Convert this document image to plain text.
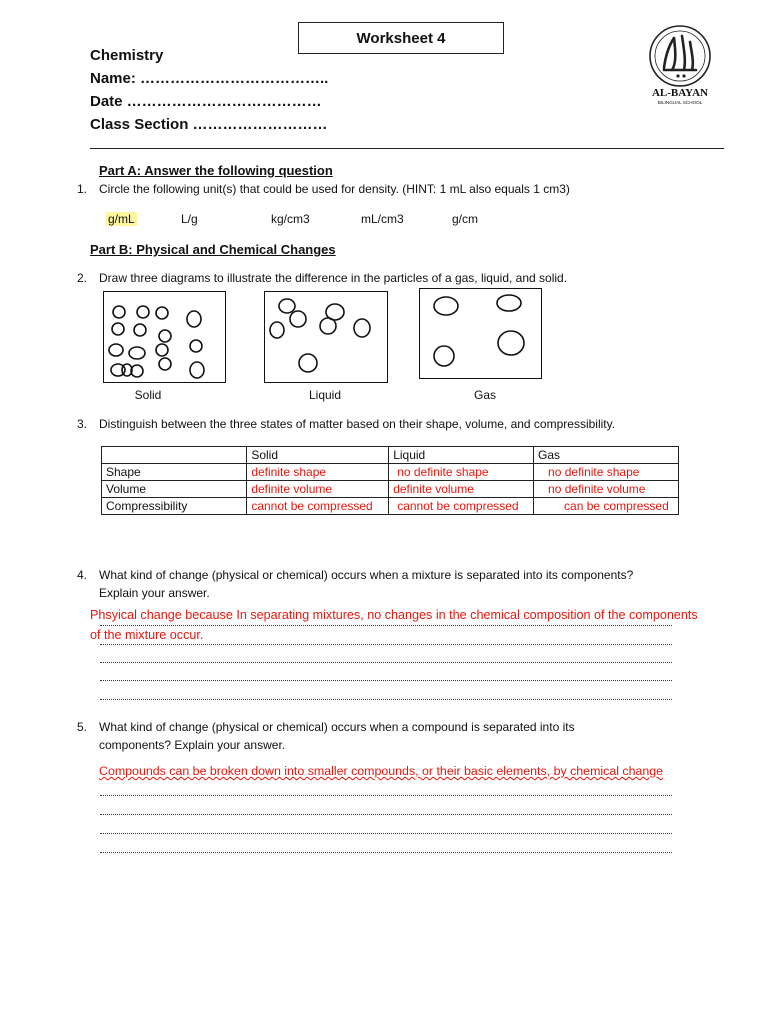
Worksheet 4
Chemistry
Name: ………………………………..
Date …………………………………
Class Section ………………………
AL-BAYAN
BILINGUAL SCHOOL
Part A: Answer the following question
1. Circle the following unit(s) that could be used for density. (HINT: 1 mL also equals 1 cm3)
g/mL	L/g	kg/cm3	mL/cm3	g/cm
Part B: Physical and Chemical Changes
2. Draw three diagrams to illustrate the difference in the particles of a gas, liquid, and solid.
Solid	Liquid	Gas
3. Distinguish between the three states of matter based on their shape, volume, and compressibility.
	Solid	Liquid	Gas
Shape	definite shape	no definite shape	no definite shape
Volume	definite volume	definite volume	no definite volume
Compressibility	cannot be compressed	cannot be compressed	can be compressed
4. What kind of change (physical or chemical) occurs when a mixture is separated into its components?
Explain your answer.
Phsyical change because In separating mixtures, no changes in the chemical composition of the components
of the mixture occur.
5. What kind of change (physical or chemical) occurs when a compound is separated into its
components? Explain your answer.
Compounds can be broken down into smaller compounds, or their basic elements, by chemical change
